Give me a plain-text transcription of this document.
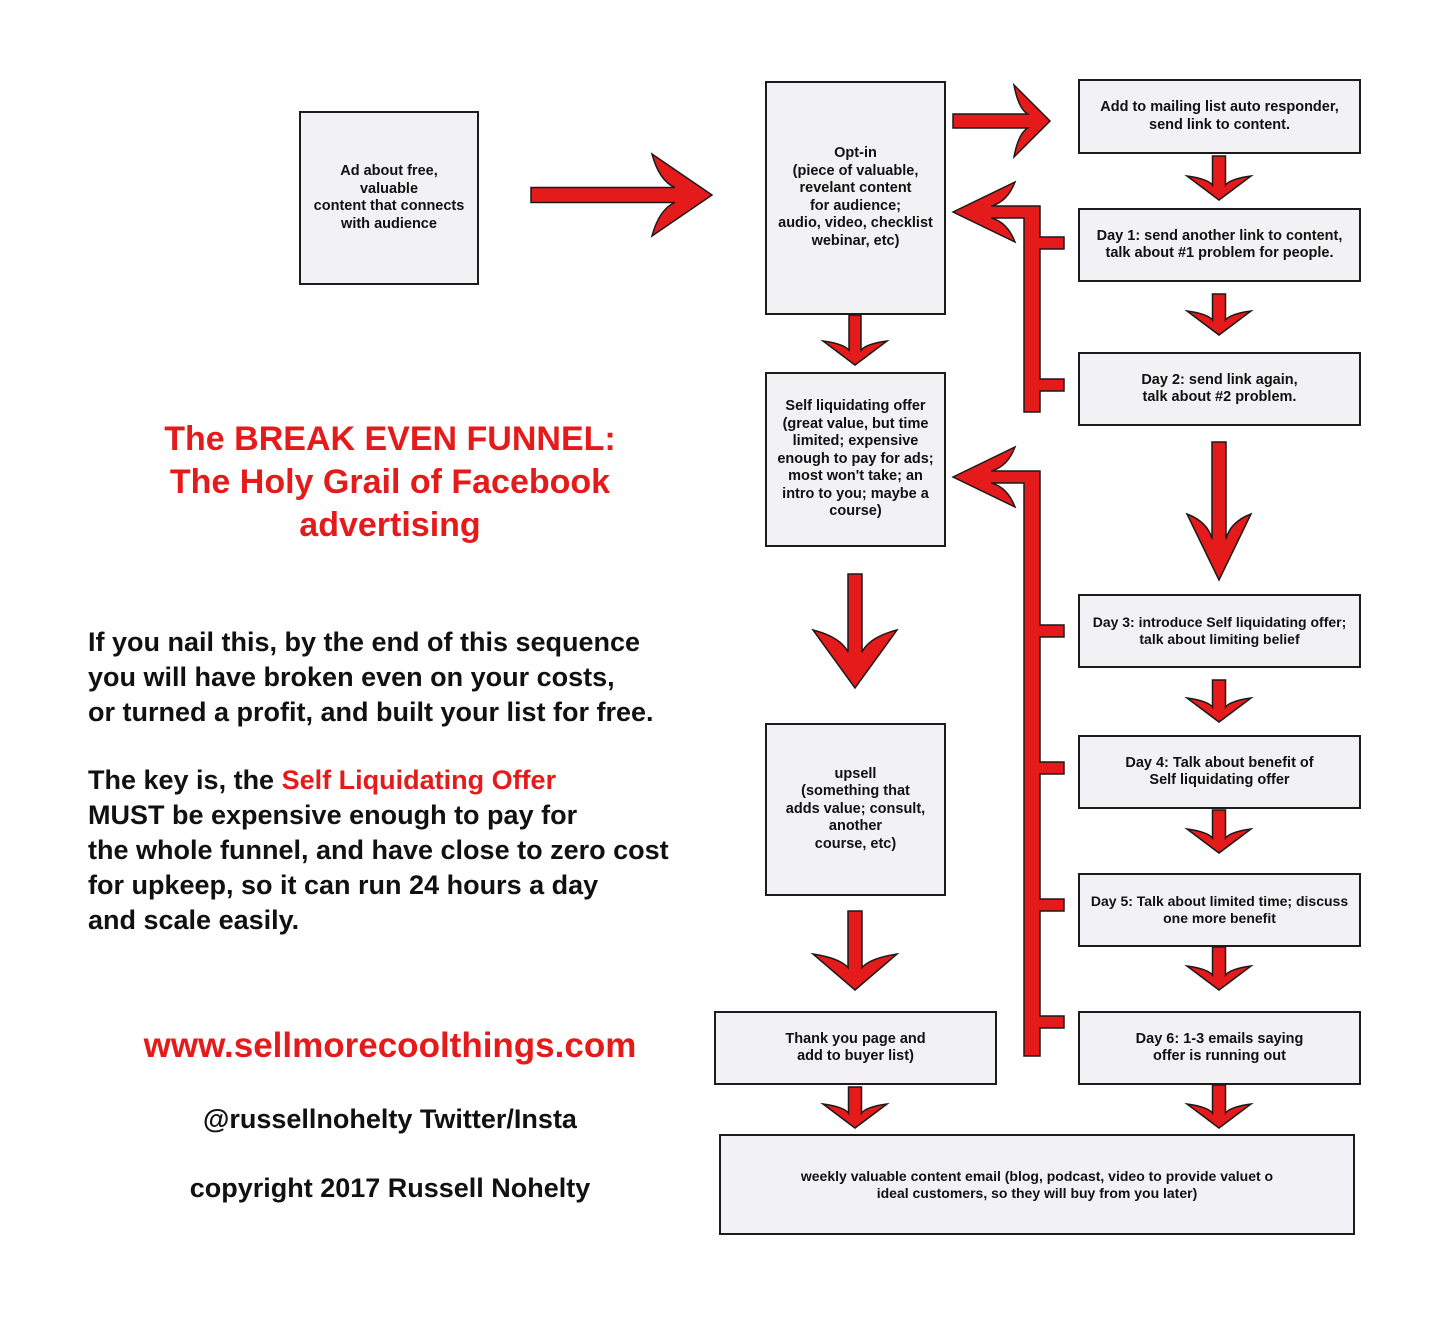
Ad about free,
valuable
content that connects
with audience
Opt-in
(piece of valuable,
revelant content
for audience;
audio, video, checklist
webinar, etc)
Add to mailing list auto responder,
send link to content.
Day 1: send another link to content,
talk about #1 problem for people.
Day 2: send link again,
talk about #2 problem.
Self liquidating offer
(great value, but time
limited; expensive
enough to pay for ads;
most won't take; an
intro to you; maybe a
course)
Day 3: introduce Self liquidating offer;
talk about limiting belief
upsell
(something that
adds value; consult,
another
course, etc)
Day 4: Talk about benefit of
Self liquidating offer
Day 5: Talk about limited time; discuss
one more benefit
Thank you page and
add to buyer list)
Day 6: 1-3 emails saying
offer is running out
weekly valuable content email (blog, podcast, video to provide valuet o
ideal customers, so they will buy from you later)
The BREAK EVEN FUNNEL:
The Holy Grail of Facebook
advertising
If you nail this, by the end of this sequence
you will have broken even on your costs,
or turned a profit, and built your list for free.
The key is, the Self Liquidating Offer
MUST be expensive enough to pay for
the whole funnel, and have close to zero cost
for upkeep, so it can run 24 hours a day
and scale easily.
www.sellmorecoolthings.com
@russellnohelty Twitter/Insta
copyright 2017 Russell Nohelty
